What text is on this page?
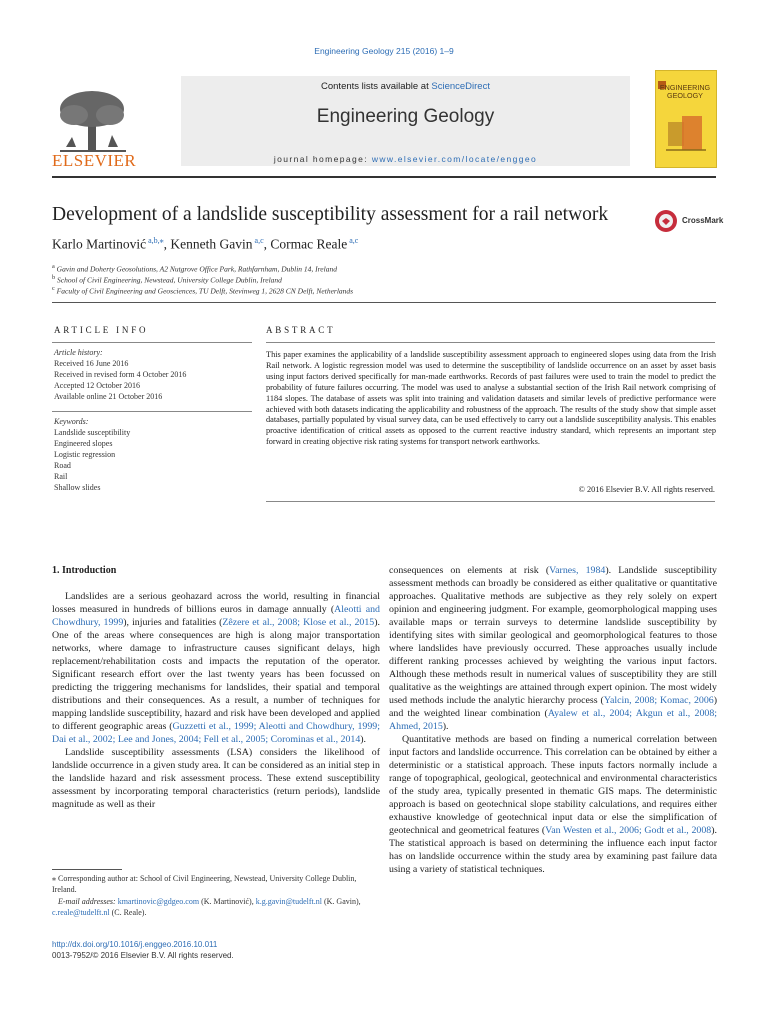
Engineering Geology 215 (2016) 1–9
Contents lists available at ScienceDirect
Engineering Geology
journal homepage: www.elsevier.com/locate/enggeo
ELSEVIER
ENGINEERING
GEOLOGY
Development of a landslide susceptibility assessment for a rail network	CrossMark
Karlo Martinović $^{a,b,⁎}$, Kenneth Gavin $^{a,c}$, Cormac Reale $^{a,c}$
$^a$ Gavin and Doherty Geosolutions, A2 Nutgrove Office Park, Rathfarnham, Dublin 14, Ireland
$^b$ School of Civil Engineering, Newstead, University College Dublin, Ireland
$^c$ Faculty of Civil Engineering and Geosciences, TU Delft, Stevinweg 1, 2628 CN Delft, Netherlands
ARTICLE INFO
Article history:
Received 16 June 2016
Received in revised form 4 October 2016
Accepted 12 October 2016
Available online 21 October 2016
Keywords:
Landslide susceptibility
Engineered slopes
Logistic regression
Road
Rail
Shallow slides
ABSTRACT
This paper examines the applicability of a landslide susceptibility assessment approach to engineered slopes using data from the Irish Rail network. A logistic regression model was used to determine the susceptibility of landslide occurrence on an asset by asset basis using input factors derived specifically for man-made earthworks. Records of past failures were used to train the model to predict the probability of future failures occurring. The model was used to analyse a substantial section of the Irish Rail network comprising of 1184 slopes. The database of assets was split into training and validation datasets and similar levels of predictive performance were achieved with both datasets indicating the applicability and robustness of the approach. The results of the study show that simple asset databases, partially populated by visual survey data, can be used effectively to carry out a landslide susceptibility analysis. This enables proactive identification of critical assets as opposed to the current reactive industry standard, which represents an important step forward in creating objective risk rating systems for transport network earthworks.
© 2016 Elsevier B.V. All rights reserved.
1. Introduction

Landslides are a serious geohazard across the world, resulting in financial losses measured in hundreds of billions euros in damage annually (Aleotti and Chowdhury, 1999), injuries and fatalities (Zêzere et al., 2008; Klose et al., 2015). One of the areas where consequences are high is along major transportation networks, where damage to infrastructure causes significant delays, high replacement/rehabilitation costs and impacts the reputation of the operator. Significant research effort over the last twenty years has been focussed on predicting the triggering mechanisms for landslides, their spatial and temporal distributions and their consequences. As a result, a number of techniques for mapping landslide susceptibility, hazard and risk have been developed and applied to different geographic areas (Guzzetti et al., 1999; Aleotti and Chowdhury, 1999; Dai et al., 2002; Lee and Jones, 2004; Fell et al., 2005; Corominas et al., 2014).

Landslide susceptibility assessments (LSA) considers the likelihood of landslide occurrence in a given study area. It can be considered as an initial step in the landslide hazard and risk assessment process. These extend susceptibility assessment by incorporating temporal characteristics (return periods), landslide magnitude as well as their

consequences on elements at risk (Varnes, 1984). Landslide susceptibility assessment methods can broadly be considered as either qualitative or quantitative approaches. Qualitative methods are subjective as they rely solely on expert opinion and engineering judgment. For example, geomorphological mapping uses available maps or terrain surveys to determine landslide susceptibility by identifying sites with similar geological and geomorphological features to those where landslides have previously occurred. These approaches usually include different ranking processes achieved by weighting the various input factors. Although these methods result in numerical values of susceptibility they are still qualitative as the weightings are attained through expert opinion. The most widely used methods include the analytic hierarchy process (Yalcin, 2008; Komac, 2006) and the weighted linear combination (Ayalew et al., 2004; Akgun et al., 2008; Ahmed, 2015).

Quantitative methods are based on finding a numerical correlation between input factors and landslide occurrence. This correlation can be obtained by either a deterministic or a statistical approach. These inputs factors normally include a range of topographical, geological, geotechnical and environmental characteristics of the study area, typically presented in thematic GIS maps. The deterministic approach is based on geotechnical slope stability calculations, and requires either exhaustive knowledge of geotechnical input data or else the simplification of geotechnical and geometrical features (Van Westen et al., 2006; Godt et al., 2008). The statistical approach is based on determining the influence each input factor has on landslide occurrence within the study area by examining past failure data using a variety of statistical techniques.

⁎ Corresponding author at: School of Civil Engineering, Newstead, University College Dublin, Ireland.
E-mail addresses: kmartinovic@gdgeo.com (K. Martinović), k.g.gavin@tudelft.nl (K. Gavin), c.reale@tudelft.nl (C. Reale).
http://dx.doi.org/10.1016/j.enggeo.2016.10.011
0013-7952/© 2016 Elsevier B.V. All rights reserved.
